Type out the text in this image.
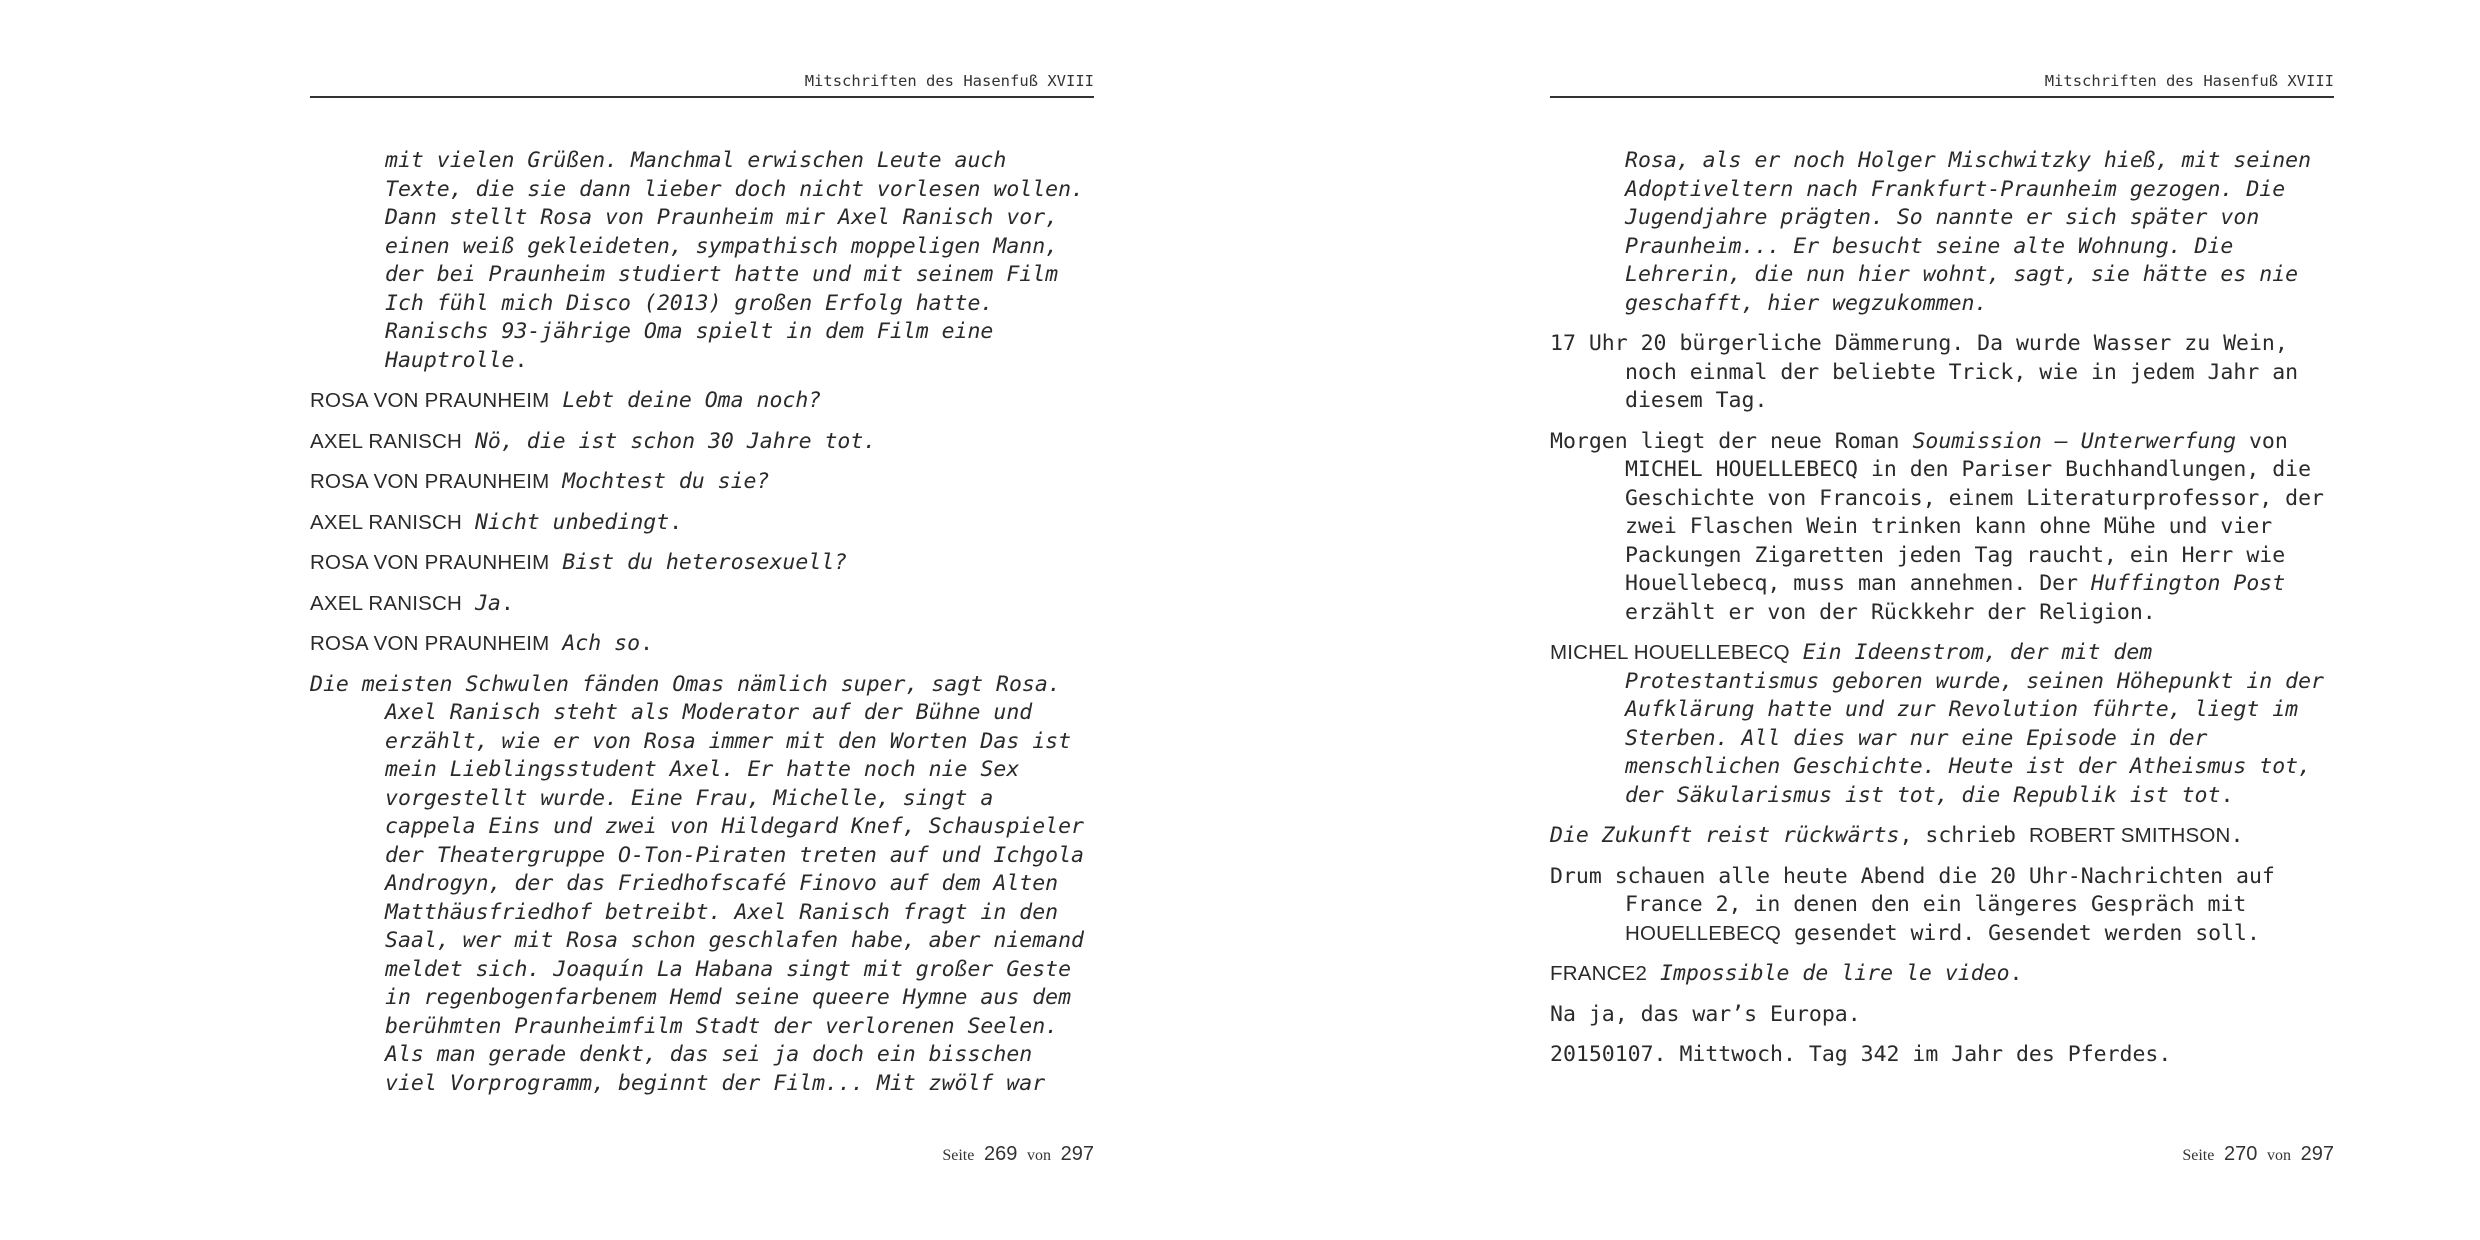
Mitschriften des Hasenfuß XVIII
mit vielen Grüßen. Manchmal erwischen Leute auch
Texte, die sie dann lieber doch nicht vorlesen wollen.
Dann stellt Rosa von Praunheim mir Axel Ranisch vor,
einen weiß gekleideten, sympathisch moppeligen Mann,
der bei Praunheim studiert hatte und mit seinem Film
Ich fühl mich Disco (2013) großen Erfolg hatte.
Ranischs 93-jährige Oma spielt in dem Film eine
Hauptrolle.
ROSA VON PRAUNHEIM Lebt deine Oma noch?
AXEL RANISCH Nö, die ist schon 30 Jahre tot.
ROSA VON PRAUNHEIM Mochtest du sie?
AXEL RANISCH Nicht unbedingt.
ROSA VON PRAUNHEIM Bist du heterosexuell?
AXEL RANISCH Ja.
ROSA VON PRAUNHEIM Ach so.
Die meisten Schwulen fänden Omas nämlich super, sagt Rosa.
Axel Ranisch steht als Moderator auf der Bühne und
erzählt, wie er von Rosa immer mit den Worten Das ist
mein Lieblingsstudent Axel. Er hatte noch nie Sex
vorgestellt wurde. Eine Frau, Michelle, singt a
cappela Eins und zwei von Hildegard Knef, Schauspieler
der Theatergruppe O-Ton-Piraten treten auf und Ichgola
Androgyn, der das Friedhofscafé Finovo auf dem Alten
Matthäusfriedhof betreibt. Axel Ranisch fragt in den
Saal, wer mit Rosa schon geschlafen habe, aber niemand
meldet sich. Joaquín La Habana singt mit großer Geste
in regenbogenfarbenem Hemd seine queere Hymne aus dem
berühmten Praunheimfilm Stadt der verlorenen Seelen.
Als man gerade denkt, das sei ja doch ein bisschen
viel Vorprogramm, beginnt der Film... Mit zwölf war
Seite 269 von 297
Mitschriften des Hasenfuß XVIII
Rosa, als er noch Holger Mischwitzky hieß, mit seinen
Adoptiveltern nach Frankfurt-Praunheim gezogen. Die
Jugendjahre prägten. So nannte er sich später von
Praunheim... Er besucht seine alte Wohnung. Die
Lehrerin, die nun hier wohnt, sagt, sie hätte es nie
geschafft, hier wegzukommen.
17 Uhr 20 bürgerliche Dämmerung. Da wurde Wasser zu Wein,
noch einmal der beliebte Trick, wie in jedem Jahr an
diesem Tag.
Morgen liegt der neue Roman Soumission – Unterwerfung von
MICHEL HOUELLEBECQ in den Pariser Buchhandlungen, die
Geschichte von Francois, einem Literaturprofessor, der
zwei Flaschen Wein trinken kann ohne Mühe und vier
Packungen Zigaretten jeden Tag raucht, ein Herr wie
Houellebecq, muss man annehmen. Der Huffington Post
erzählt er von der Rückkehr der Religion.
MICHEL HOUELLEBECQ Ein Ideenstrom, der mit dem
Protestantismus geboren wurde, seinen Höhepunkt in der
Aufklärung hatte und zur Revolution führte, liegt im
Sterben. All dies war nur eine Episode in der
menschlichen Geschichte. Heute ist der Atheismus tot,
der Säkularismus ist tot, die Republik ist tot.
Die Zukunft reist rückwärts, schrieb ROBERT SMITHSON.
Drum schauen alle heute Abend die 20 Uhr-Nachrichten auf
France 2, in denen den ein längeres Gespräch mit
HOUELLEBECQ gesendet wird. Gesendet werden soll.
FRANCE2 Impossible de lire le video.
Na ja, das war’s Europa.
20150107. Mittwoch. Tag 342 im Jahr des Pferdes.
Seite 270 von 297
